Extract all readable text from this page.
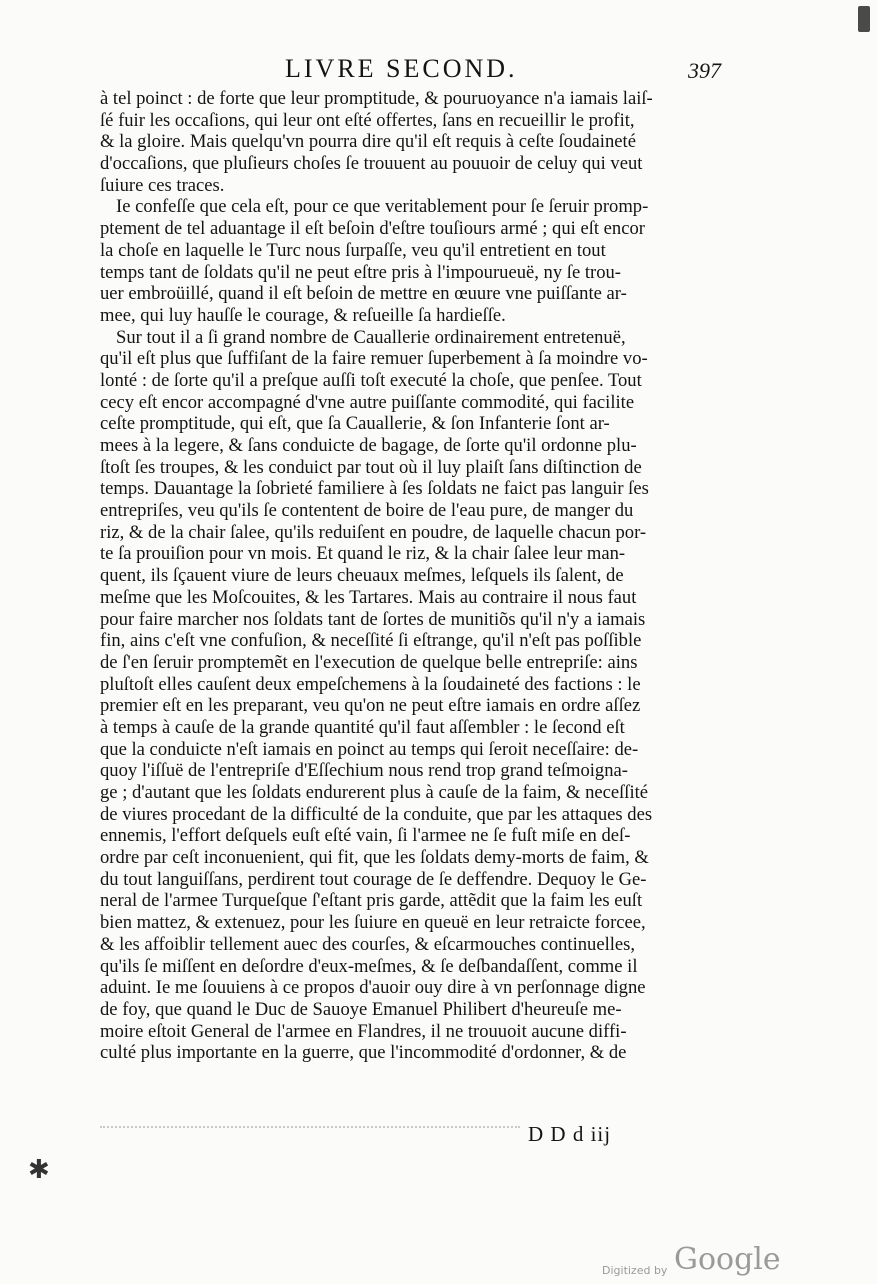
LIVRE SECOND.	397
à tel poinct : de forte que leur promptitude, & pouruoyance n'a iamais laiſ-
ſé fuir les occaſions, qui leur ont eſté offertes, ſans en recueillir le profit,
& la gloire. Mais quelqu'vn pourra dire qu'il eſt requis à ceſte ſoudaineté
d'occaſions, que pluſieurs choſes ſe trouuent au pouuoir de celuy qui veut
ſuiure ces traces.
Ie confeſſe que cela eſt, pour ce que veritablement pour ſe ſeruir promp-
ptement de tel aduantage il eſt beſoin d'eſtre touſiours armé ; qui eſt encor
la choſe en laquelle le Turc nous ſurpaſſe, veu qu'il entretient en tout
temps tant de ſoldats qu'il ne peut eſtre pris à l'impourueuë, ny ſe trou-
uer embroüillé, quand il eſt beſoin de mettre en œuure vne puiſſante ar-
mee, qui luy hauſſe le courage, & reſueille ſa hardieſſe.
Sur tout il a ſi grand nombre de Cauallerie ordinairement entretenuë,
qu'il eſt plus que ſuffiſant de la faire remuer ſuperbement à ſa moindre vo-
lonté : de ſorte qu'il a preſque auſſi toſt executé la choſe, que penſee. Tout
cecy eſt encor accompagné d'vne autre puiſſante commodité, qui facilite
ceſte promptitude, qui eſt, que ſa Cauallerie, & ſon Infanterie ſont ar-
mees à la legere, & ſans conduicte de bagage, de ſorte qu'il ordonne plu-
ſtoſt ſes troupes, & les conduict par tout où il luy plaiſt ſans diſtinction de
temps. Dauantage la ſobrieté familiere à ſes ſoldats ne faict pas languir ſes
entrepriſes, veu qu'ils ſe contentent de boire de l'eau pure, de manger du
riz, & de la chair ſalee, qu'ils reduiſent en poudre, de laquelle chacun por-
te ſa prouiſion pour vn mois. Et quand le riz, & la chair ſalee leur man-
quent, ils ſçauent viure de leurs cheuaux meſmes, leſquels ils ſalent, de
meſme que les Moſcouites, & les Tartares. Mais au contraire il nous faut
pour faire marcher nos ſoldats tant de ſortes de munitiõs qu'il n'y a iamais
fin, ains c'eſt vne confuſion, & neceſſité ſi eſtrange, qu'il n'eſt pas poſſible
de ſ'en ſeruir promptemẽt en l'execution de quelque belle entrepriſe: ains
pluſtoſt elles cauſent deux empeſchemens à la ſoudaineté des factions : le
premier eſt en les preparant, veu qu'on ne peut eſtre iamais en ordre aſſez
à temps à cauſe de la grande quantité qu'il faut aſſembler : le ſecond eſt
que la conduicte n'eſt iamais en poinct au temps qui ſeroit neceſſaire: de-
quoy l'iſſuë de l'entrepriſe d'Eſſechium nous rend trop grand teſmoigna-
ge ; d'autant que les ſoldats endurerent plus à cauſe de la faim, & neceſſité
de viures procedant de la difficulté de la conduite, que par les attaques des
ennemis, l'effort deſquels euſt eſté vain, ſi l'armee ne ſe fuſt miſe en deſ-
ordre par ceſt inconuenient, qui fit, que les ſoldats demy-morts de faim, &
du tout languiſſans, perdirent tout courage de ſe deffendre. Dequoy le Ge-
neral de l'armee Turqueſque ſ'eſtant pris garde, attẽdit que la faim les euſt
bien mattez, & extenuez, pour les ſuiure en queuë en leur retraicte forcee,
& les affoiblir tellement auec des courſes, & eſcarmouches continuelles,
qu'ils ſe miſſent en deſordre d'eux-meſmes, & ſe deſbandaſſent, comme il
aduint. Ie me ſouuiens à ce propos d'auoir ouy dire à vn perſonnage digne
de foy, que quand le Duc de Sauoye Emanuel Philibert d'heureuſe me-
moire eſtoit General de l'armee en Flandres, il ne trouuoit aucune diffi-
culté plus importante en la guerre, que l'incommodité d'ordonner, & de
D D d iij
✱
Digitized by Google
